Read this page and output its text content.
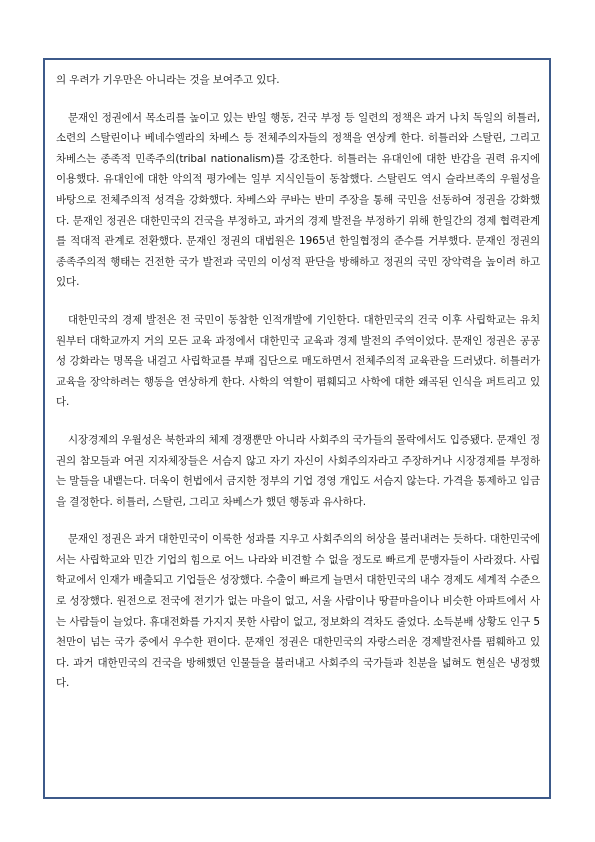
의 우려가 기우만은 아니라는 것을 보여주고 있다.

문재인 정권에서 목소리를 높이고 있는 반일 행동, 건국 부정 등 일련의 정책은 과거 나치 독일의 히틀러, 소련의 스탈린이나 베네수엘라의 차베스 등 전체주의자들의 정책을 연상케 한다. 히틀러와 스탈린, 그리고 차베스는 종족적 민족주의(tribal nationalism)를 강조한다. 히틀러는 유대인에 대한 반감을 권력 유지에 이용했다. 유대인에 대한 악의적 평가에는 일부 지식인들이 동참했다. 스탈린도 역시 슬라브족의 우월성을 바탕으로 전체주의적 성격을 강화했다. 차베스와 쿠바는 반미 주장을 통해 국민을 선동하여 정권을 강화했다. 문재인 정권은 대한민국의 건국을 부정하고, 과거의 경제 발전을 부정하기 위해 한일간의 경제 협력관계를 적대적 관계로 전환했다. 문재인 정권의 대법원은 1965년 한일협정의 준수를 거부했다. 문재인 정권의 종족주의적 행태는 건전한 국가 발전과 국민의 이성적 판단을 방해하고 정권의 국민 장악력을 높이려 하고 있다.

대한민국의 경제 발전은 전 국민이 동참한 인적개발에 기인한다. 대한민국의 건국 이후 사립학교는 유치원부터 대학교까지 거의 모든 교육 과정에서 대한민국 교육과 경제 발전의 주역이었다. 문재인 정권은 공공성 강화라는 명목을 내걸고 사립학교를 부패 집단으로 매도하면서 전체주의적 교육관을 드러냈다. 히틀러가 교육을 장악하려는 행동을 연상하게 한다. 사학의 역할이 폄훼되고 사학에 대한 왜곡된 인식을 퍼트리고 있다.

시장경제의 우월성은 북한과의 체제 경쟁뿐만 아니라 사회주의 국가들의 몰락에서도 입증됐다. 문재인 정권의 참모들과 여권 지자체장들은 서슴지 않고 자기 자신이 사회주의자라고 주장하거나 시장경제를 부정하는 말들을 내뱉는다. 더욱이 헌법에서 금지한 정부의 기업 경영 개입도 서슴지 않는다. 가격을 통제하고 임금을 결정한다. 히틀러, 스탈린, 그리고 차베스가 했던 행동과 유사하다.

문재인 정권은 과거 대한민국이 이룩한 성과를 지우고 사회주의의 허상을 불러내려는 듯하다. 대한민국에서는 사립학교와 민간 기업의 힘으로 어느 나라와 비견할 수 없을 정도로 빠르게 문맹자들이 사라졌다. 사립학교에서 인재가 배출되고 기업들은 성장했다. 수출이 빠르게 늘면서 대한민국의 내수 경제도 세계적 수준으로 성장했다. 원전으로 전국에 전기가 없는 마을이 없고, 서울 사람이나 땅끝마을이나 비슷한 아파트에서 사는 사람들이 늘었다. 휴대전화를 가지지 못한 사람이 없고, 정보화의 격차도 줄었다. 소득분배 상황도 인구 5천만이 넘는 국가 중에서 우수한 편이다. 문재인 정권은 대한민국의 자랑스러운 경제발전사를 폄훼하고 있다. 과거 대한민국의 건국을 방해했던 인물들을 불러내고 사회주의 국가들과 친분을 넓혀도 현실은 냉정했다.
